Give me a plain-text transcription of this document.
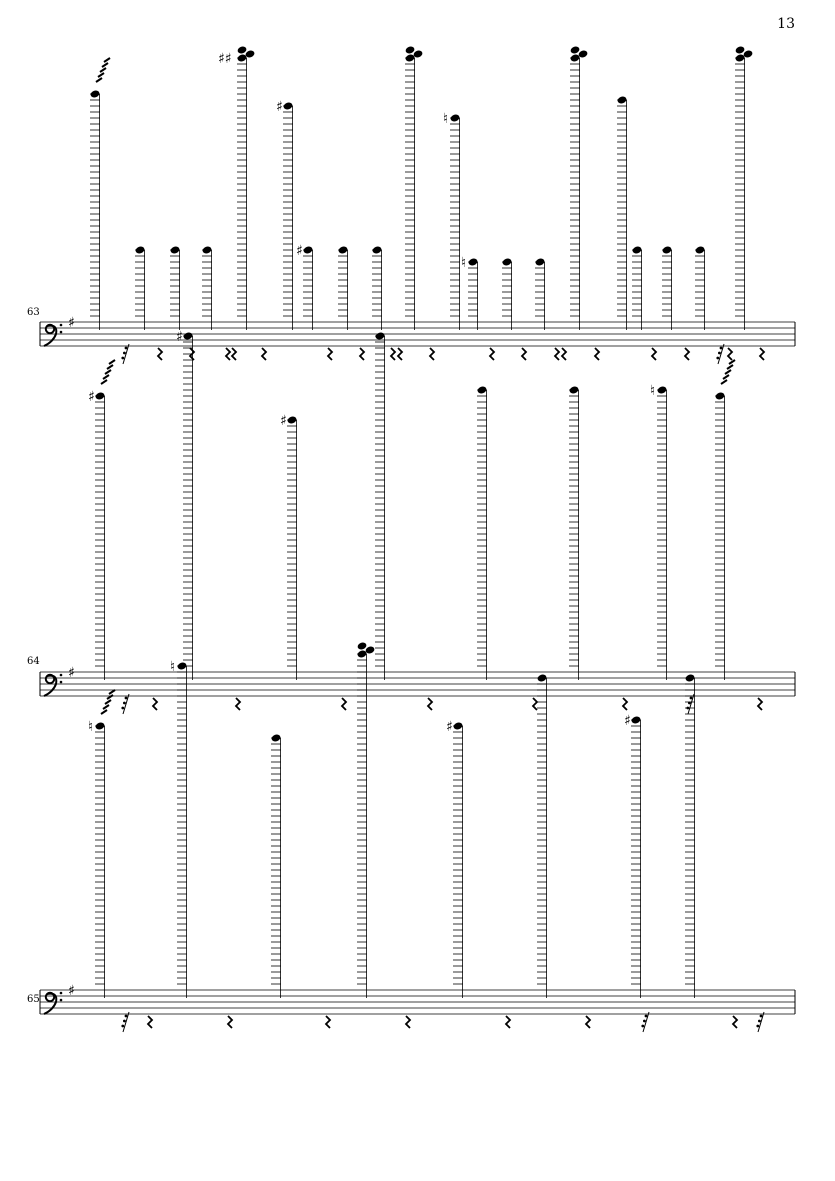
13
63
♯
♯♯
♯
♯
♮
♮
64
♯
♯
♯
♯
♮
65
♯
♮
♮
♯	♯
